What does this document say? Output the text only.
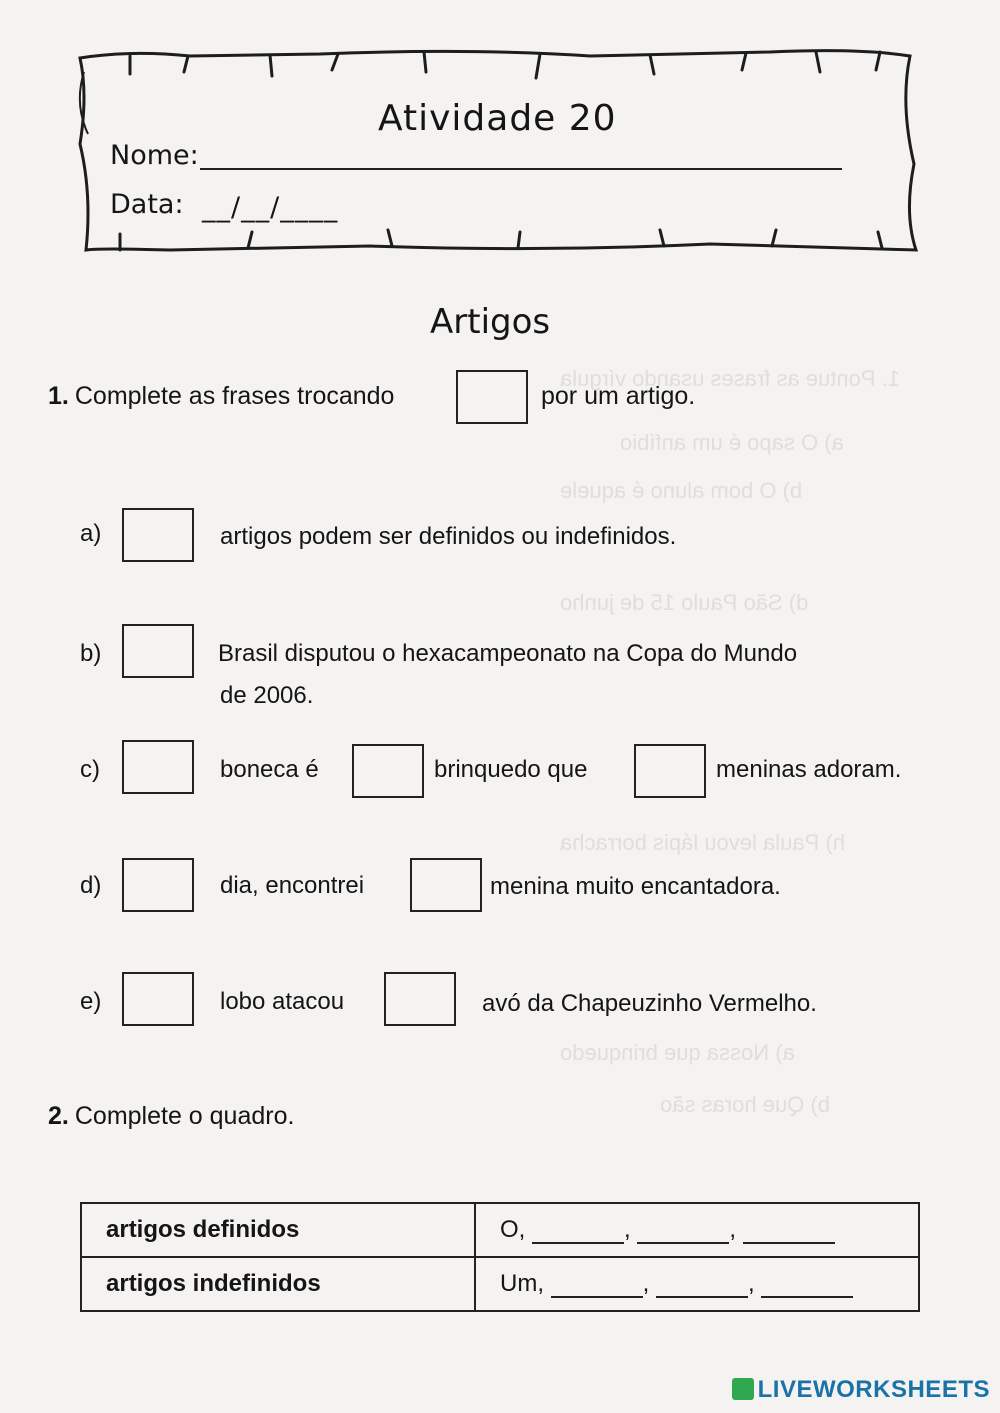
1. Pontue as frases usando vírgula
a) O sapo é um anfíbio
b) O bom aluno é aquele
d) São Paulo 15 de junho
h) Paula levou lápis borracha
a) Nossa que brinquedo
b) Que horas são
Atividade 20
Nome:
Data: __/__/____
Artigos
1. Complete as frases trocando	por um artigo.
a)	artigos podem ser definidos ou indefinidos.
b)	Brasil disputou o hexacampeonato na Copa do Mundo
de 2006.
c)	boneca é	brinquedo que	meninas adoram.
d)	dia, encontrei	menina muito encantadora.
e)	lobo atacou	avó da Chapeuzinho Vermelho.
2. Complete o quadro.
artigos definidos	O, , ,
artigos indefinidos	Um, , ,
LIVEWORKSHEETS
